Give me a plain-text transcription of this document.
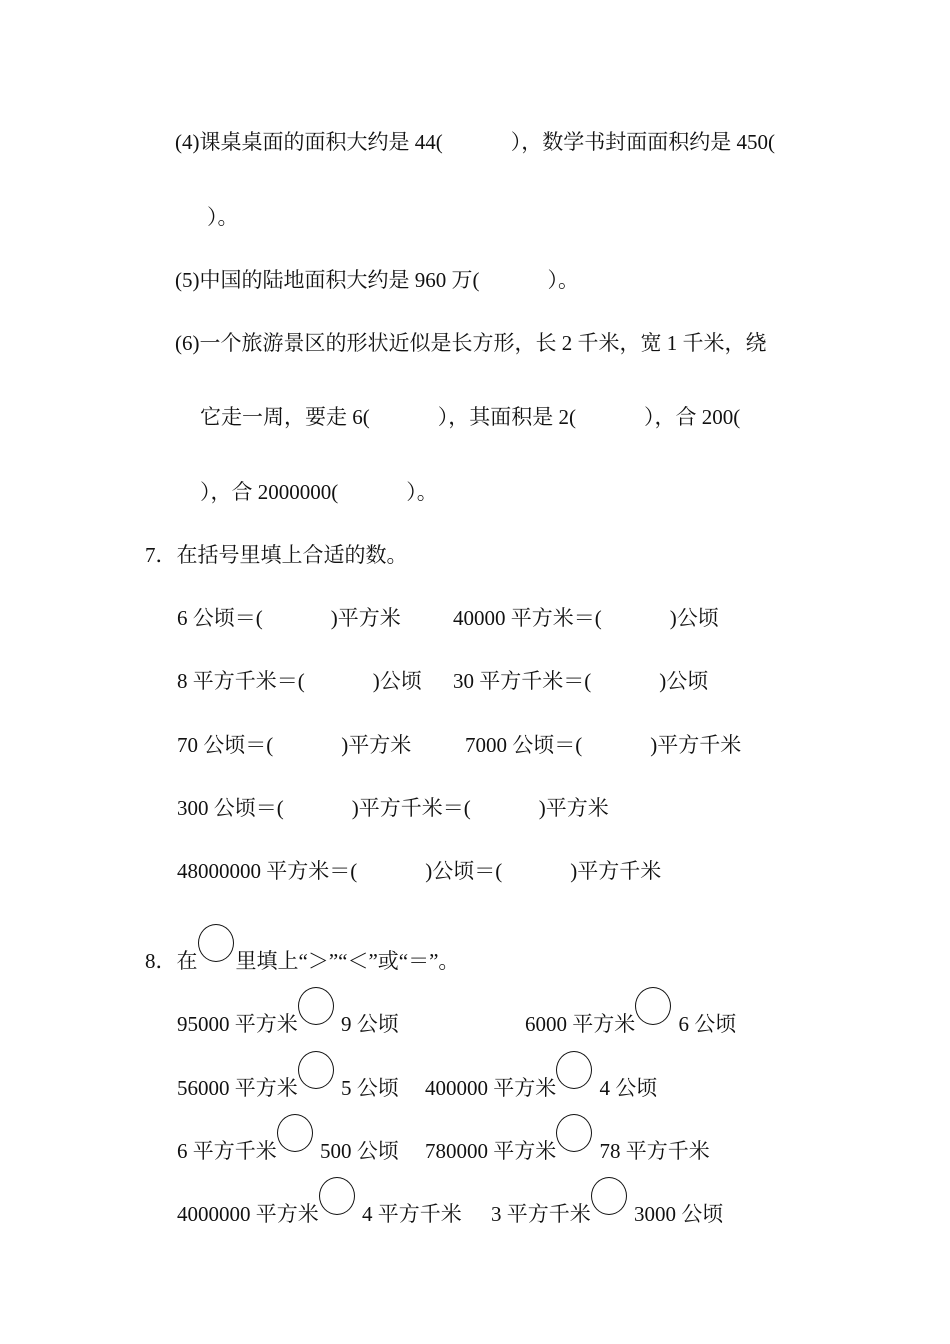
(4)课桌桌面的面积大约是 44(	），数学书封面面积约是 450(
）。
(5)中国的陆地面积大约是 960 万(	）。
(6)一个旅游景区的形状近似是长方形，长 2 千米，宽 1 千米，绕
它走一周，要走 6(	），其面积是 2(	），合 200(
），合 2000000(	）。
7．在括号里填上合适的数。
6 公顷＝(	)平方米 40000 平方米＝(	)公顷
8 平方千米＝(	)公顷 30 平方千米＝(	)公顷
70 公顷＝(	)平方米	7000 公顷＝(	)平方千米
300 公顷＝(	)平方千米＝(	)平方米
48000000 平方米＝(	)公顷＝(	)平方千米
8．在 里填上“＞”“＜”或“＝”。
95000 平方米 9 公顷	6000 平方米 6 公顷
56000 平方米 5 公顷 400000 平方米 4 公顷
6 平方千米 500 公顷 780000 平方米 78 平方千米
4000000 平方米 4 平方千米 3 平方千米 3000 公顷
